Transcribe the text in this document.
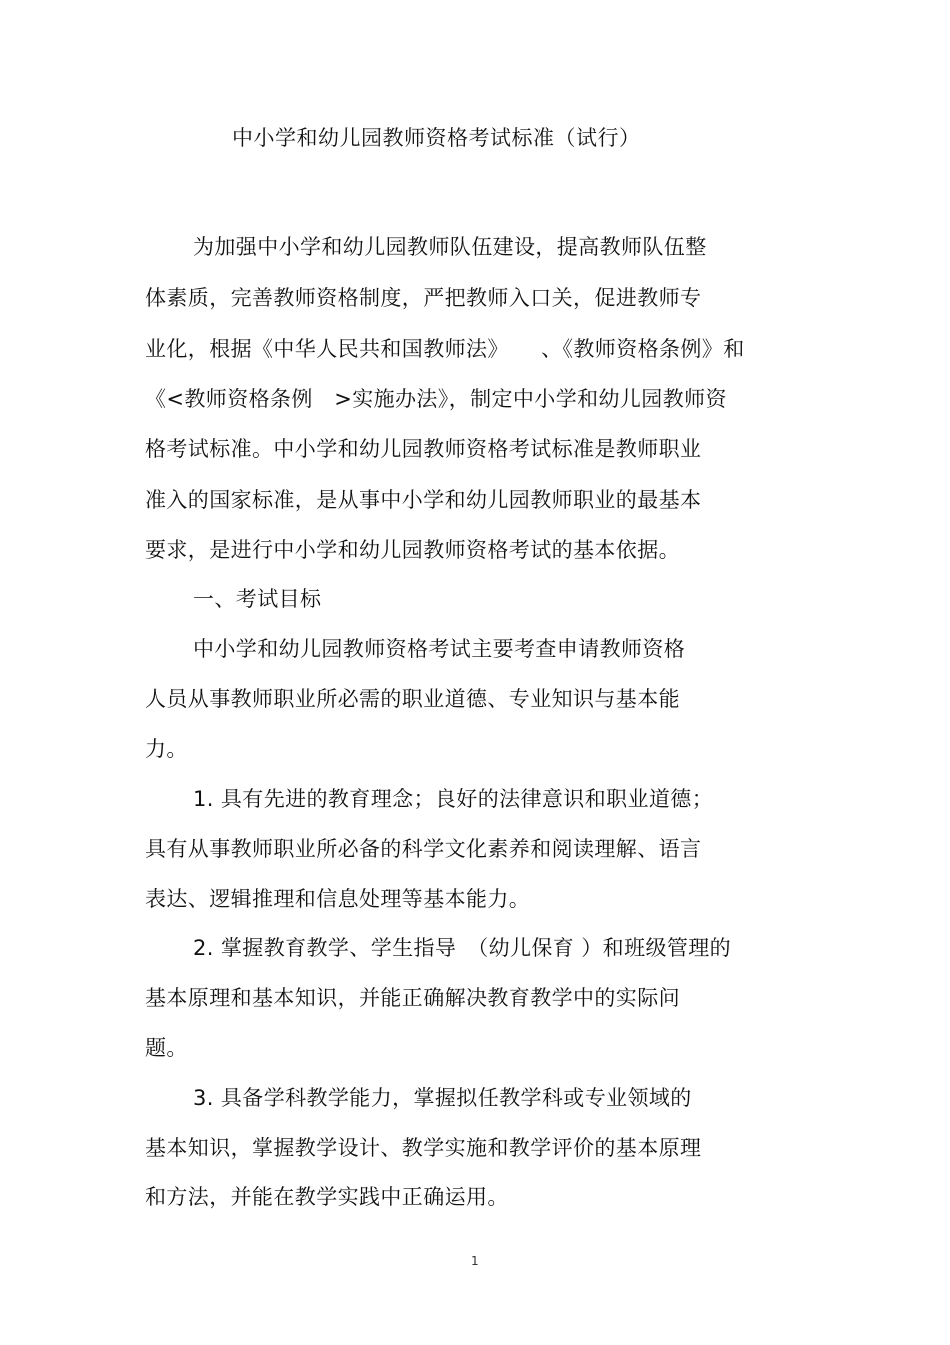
中小学和幼儿园教师资格考试标准（试行）
为加强中小学和幼儿园教师队伍建设，提高教师队伍整
体素质，完善教师资格制度，严把教师入口关，促进教师专
业化，根据《中华人民共和国教师法》　　、《教师资格条例》和
《<教师资格条例　>实施办法》，制定中小学和幼儿园教师资
格考试标准。中小学和幼儿园教师资格考试标准是教师职业
准入的国家标准，是从事中小学和幼儿园教师职业的最基本
要求，是进行中小学和幼儿园教师资格考试的基本依据。
一、考试目标
中小学和幼儿园教师资格考试主要考查申请教师资格
人员从事教师职业所必需的职业道德、专业知识与基本能
力。
1. 具有先进的教育理念；良好的法律意识和职业道德；
具有从事教师职业所必备的科学文化素养和阅读理解、语言
表达、逻辑推理和信息处理等基本能力。
2. 掌握教育教学、学生指导　（幼儿保育 ）和班级管理的
基本原理和基本知识，并能正确解决教育教学中的实际问
题。
3. 具备学科教学能力，掌握拟任教学科或专业领域的
基本知识，掌握教学设计、教学实施和教学评价的基本原理
和方法，并能在教学实践中正确运用。
1
